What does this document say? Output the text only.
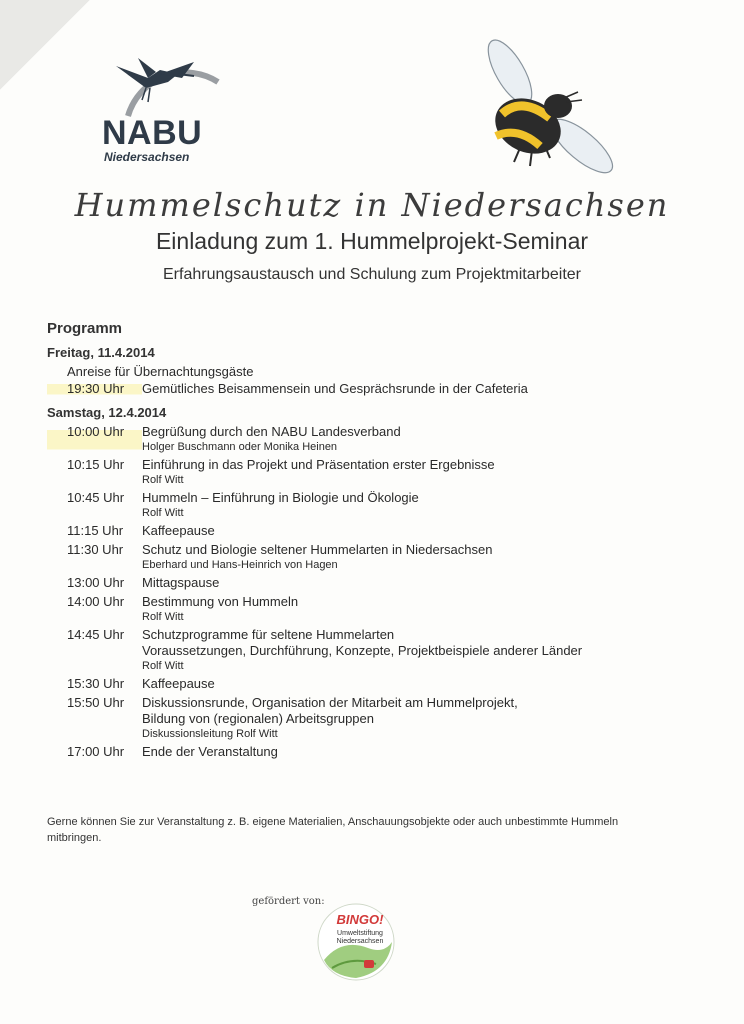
NABU
Niedersachsen
Hummelschutz in Niedersachsen
Einladung zum 1. Hummelprojekt-Seminar
Erfahrungsaustausch und Schulung zum Projektmitarbeiter
Programm
Freitag, 11.4.2014
Anreise für Übernachtungsgäste
19:30 Uhr	Gemütliches Beisammensein und Gesprächsrunde in der Cafeteria
Samstag, 12.4.2014
10:00 Uhr	Begrüßung durch den NABU Landesverband
Holger Buschmann oder Monika Heinen
10:15 Uhr	Einführung in das Projekt und Präsentation erster Ergebnisse
Rolf Witt
10:45 Uhr	Hummeln – Einführung in Biologie und Ökologie
Rolf Witt
11:15 Uhr	Kaffeepause
11:30 Uhr	Schutz und Biologie seltener Hummelarten in Niedersachsen
Eberhard und Hans-Heinrich von Hagen
13:00 Uhr	Mittagspause
14:00 Uhr	Bestimmung von Hummeln
Rolf Witt
14:45 Uhr	Schutzprogramme für seltene Hummelarten
Voraussetzungen, Durchführung, Konzepte, Projektbeispiele anderer Länder
Rolf Witt
15:30 Uhr	Kaffeepause
15:50 Uhr	Diskussionsrunde, Organisation der Mitarbeit am Hummelprojekt,
Bildung von (regionalen) Arbeitsgruppen
Diskussionsleitung Rolf Witt
17:00 Uhr	Ende der Veranstaltung
Gerne können Sie zur Veranstaltung z. B. eigene Materialien, Anschauungsobjekte oder auch unbestimmte Hummeln mitbringen.
gefördert von:
BINGO!
Umweltstiftung
Niedersachsen
